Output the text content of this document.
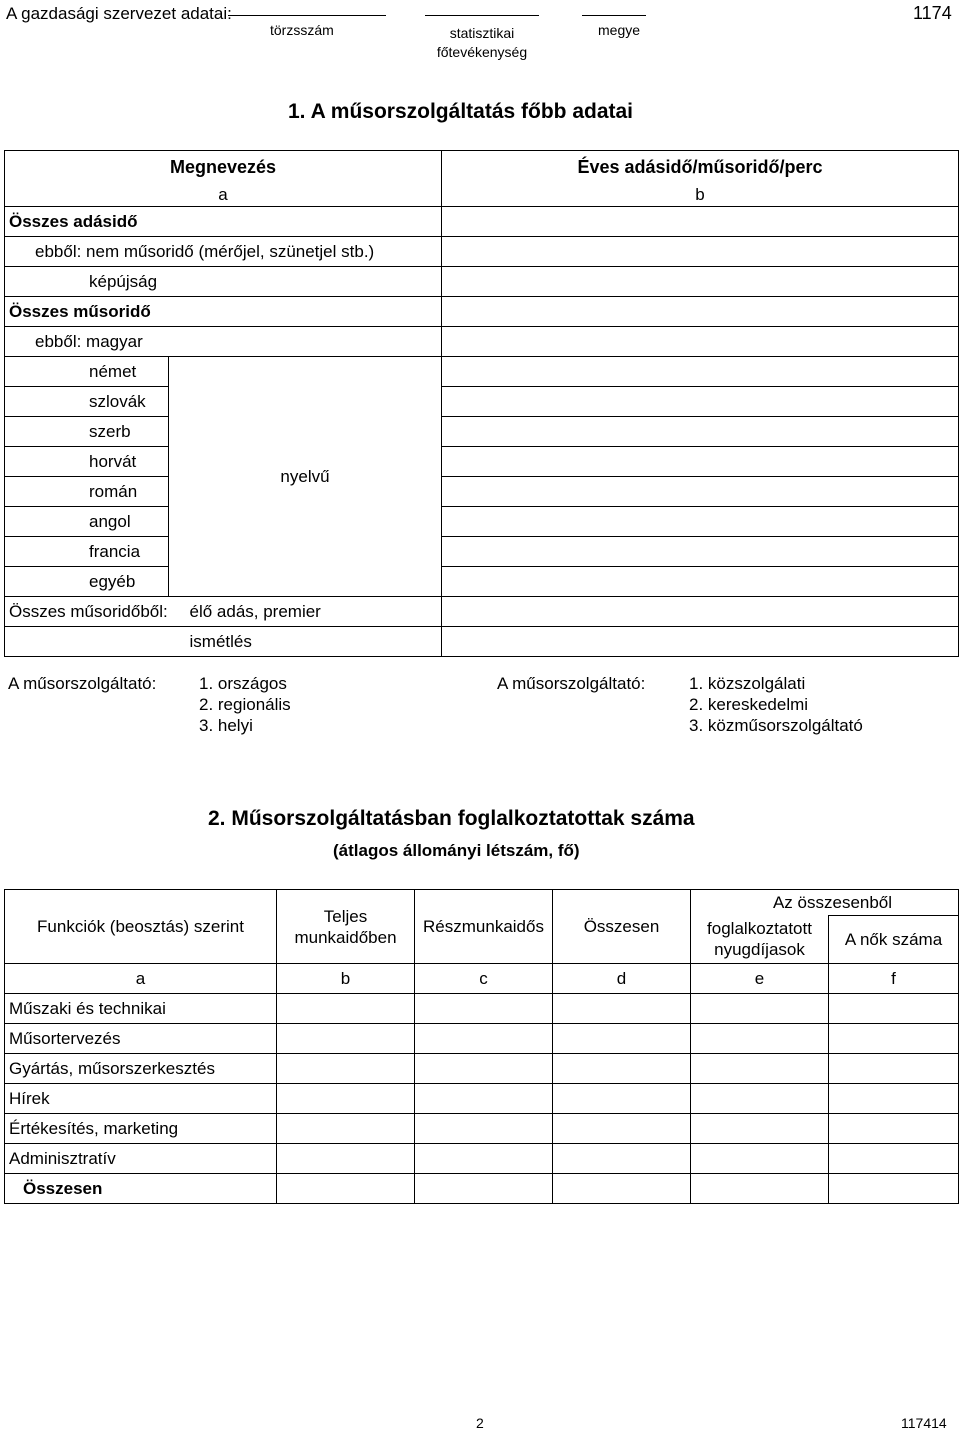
A gazdasági szervezet adatai:
törzsszám	statisztikai főtevékenység
megye
1174
1. A műsorszolgáltatás főbb adatai
Megnevezés		Éves adásidő/műsoridő/perc
a		b
Összes adásidő		
ebből: nem műsoridő (mérőjel, szünetjel stb.)		
képújság		
Összes műsoridő		
ebből: magyar		
német	nyelvű	
szlovák		
szerb		
horvát		
román		
angol		
francia		
egyéb		
Összes műsoridőből:	élő adás, premier	
	ismétlés	
A műsorszolgáltató:	1. országos
2. regionális
3. helyi
A műsorszolgáltató:	1. közszolgálati
2. kereskedelmi
3. közműsorszolgáltató
2. Műsorszolgáltatásban foglalkoztatottak száma
(átlagos állományi létszám, fő)
Funkciók (beosztás) szerint	Teljes munkaidőben	Részmunkaidős	Összesen	Az összesenből	
				foglalkoztatott nyugdíjasok	A nők száma
a	b	c	d	e	f
Műszaki és technikai					
Műsortervezés					
Gyártás, műsorszerkesztés					
Hírek					
Értékesítés, marketing					
Adminisztratív					
Összesen					
2	117414
